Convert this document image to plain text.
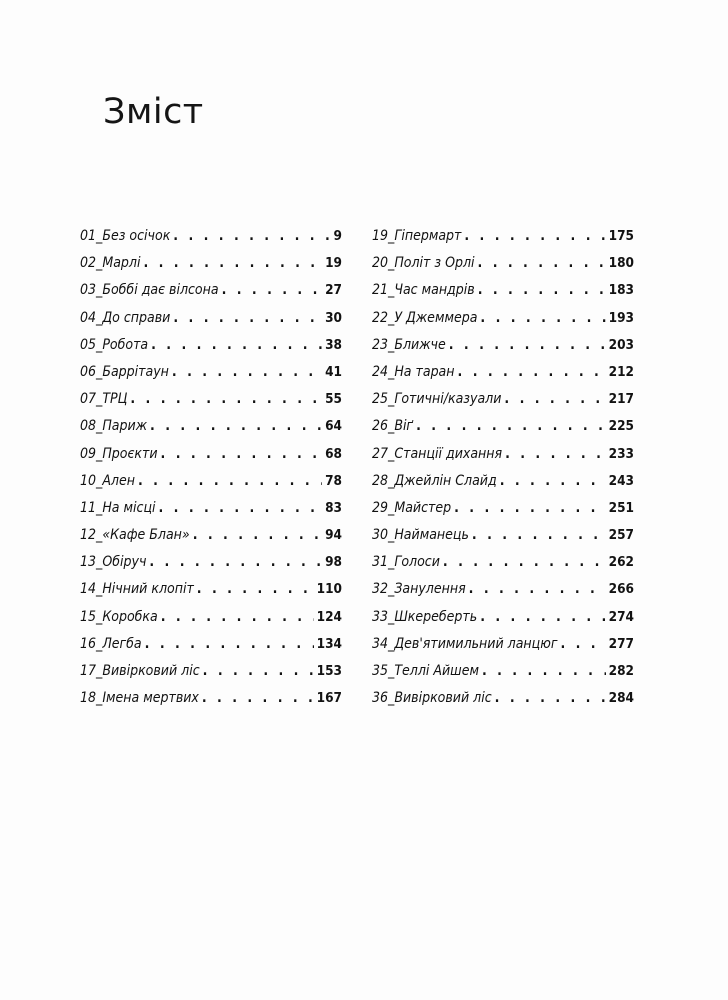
Зміст
01_Без осічок . . .	9
02_Марлі . . .	19
03_Боббі дає вілсона . . .	27
04_До справи . . .	30
05_Робота . . .	38
06_Баррітаун . . .	41
07_ТРЦ . . .	55
08_Париж . . .	64
09_Проєкти . . .	68
10_Ален . . .	78
11_На місці . . .	83
12_«Кафе Блан» . . .	94
13_Обіруч . . .	98
14_Нічний клопіт . . .	110
15_Коробка . . .	124
16_Легба . . .	134
17_Вивірковий ліс . . .	153
18_Імена мертвих . . .	167
19_Гіпермарт . . .	175
20_Політ з Орлі . . .	180
21_Час мандрів . . .	183
22_У Джеммера . . .	193
23_Ближче . . .	203
24_На таран . . .	212
25_Готичні/казуали . . .	217
26_Віґ . . .	225
27_Станції дихання . . .	233
28_Джейлін Слайд . . .	243
29_Майстер . . .	251
30_Найманець . . .	257
31_Голоси . . .	262
32_Занулення . . .	266
33_Шкереберть . . .	274
34_Дев'ятимильний ланцюг . . .	277
35_Теллі Айшем . . .	282
36_Вивірковий ліс . . .	284
